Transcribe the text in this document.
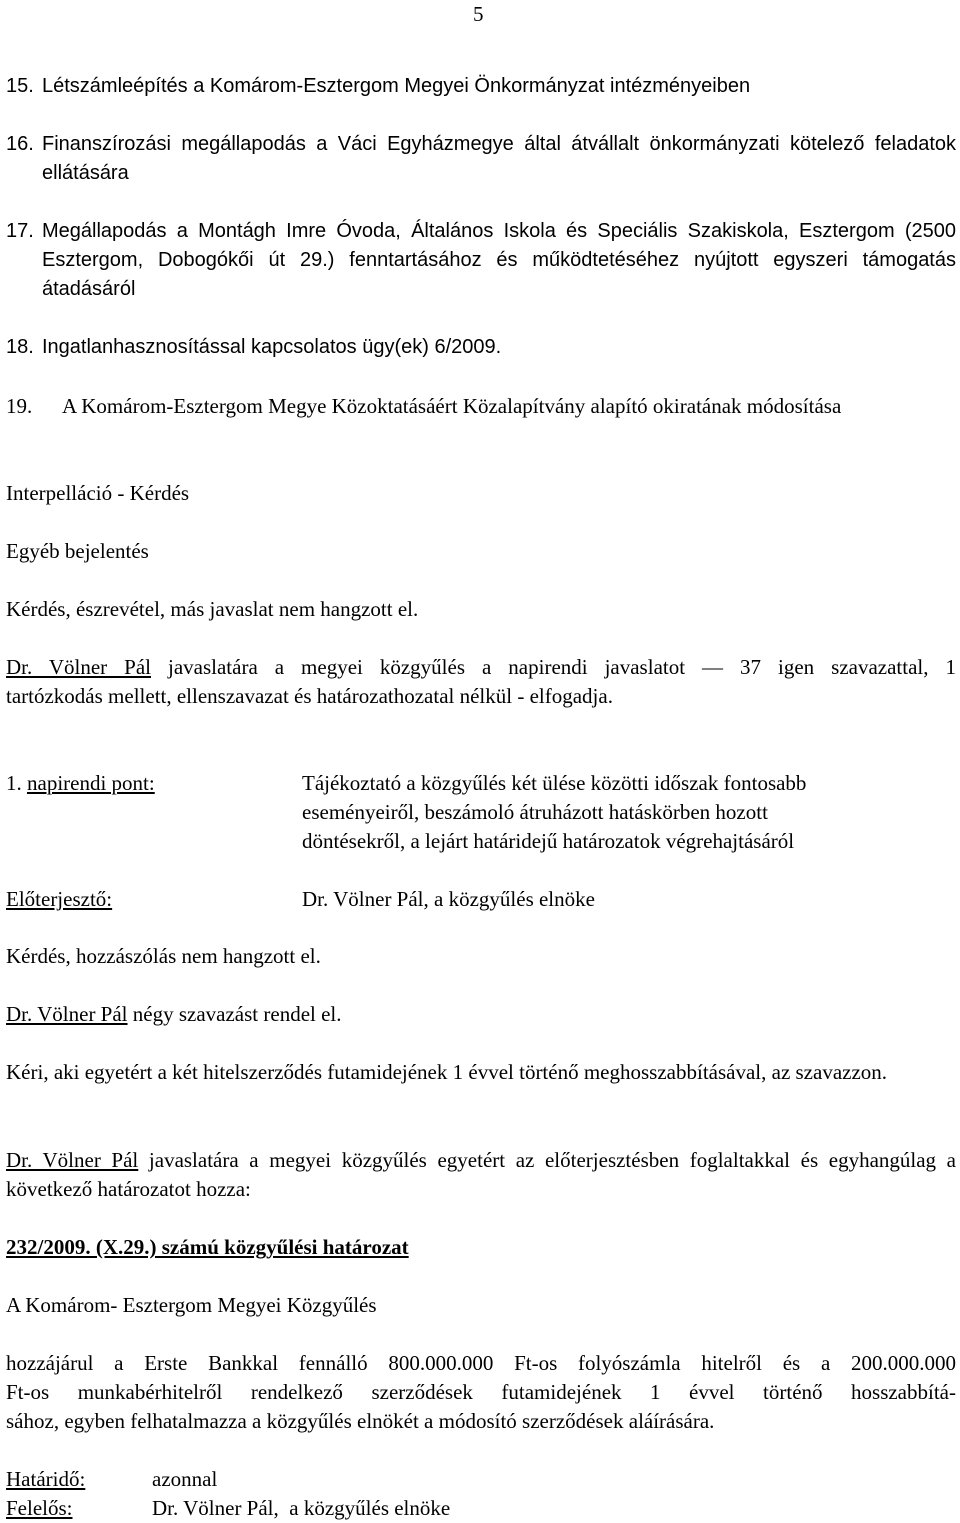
5
15. Létszámleépítés a Komárom-Esztergom Megyei Önkormányzat intézményeiben
16. Finanszírozási megállapodás a Váci Egyházmegye által átvállalt önkormányzati kötelező feladatok ellátására
17. Megállapodás a Montágh Imre Óvoda, Általános Iskola és Speciális Szakiskola, Esztergom (2500 Esztergom, Dobogókői út 29.) fenntartásához és működtetéséhez nyújtott egyszeri támogatás átadásáról
18. Ingatlanhasznosítással kapcsolatos ügy(ek) 6/2009.
19. A Komárom-Esztergom Megye Közoktatásáért Közalapítvány alapító okiratának módosítása
Interpelláció - Kérdés
Egyéb bejelentés
Kérdés, észrevétel, más javaslat nem hangzott el.
Dr. Völner Pál javaslatára a megyei közgyűlés a napirendi javaslatot — 37 igen szavazattal, 1
tartózkodás mellett, ellenszavazat és határozathozatal nélkül - elfogadja.
1. napirendi pont:	Tájékoztató a közgyűlés két ülése közötti időszak fontosabb
eseményeiről, beszámoló átruházott hatáskörben hozott
döntésekről, a lejárt határidejű határozatok végrehajtásáról
Előterjesztő:	Dr. Völner Pál, a közgyűlés elnöke
Kérdés, hozzászólás nem hangzott el.
Dr. Völner Pál négy szavazást rendel el.
Kéri, aki egyetért a két hitelszerződés futamidejének 1 évvel történő meghosszabbításával, az szavazzon.
Dr. Völner Pál javaslatára a megyei közgyűlés egyetért az előterjesztésben foglaltakkal és egyhangúlag a következő határozatot hozza:
232/2009. (X.29.) számú közgyűlési határozat
A Komárom- Esztergom Megyei Közgyűlés
hozzájárul a Erste Bankkal fennálló 800.000.000 Ft-os folyószámla hitelről és a 200.000.000
Ft-os munkabérhitelről rendelkező szerződések futamidejének 1 évvel történő hosszabbítá-
sához, egyben felhatalmazza a közgyűlés elnökét a módosító szerződések aláírására.
Határidő:	azonnal
Felelős:	Dr. Völner Pál,  a közgyűlés elnöke
